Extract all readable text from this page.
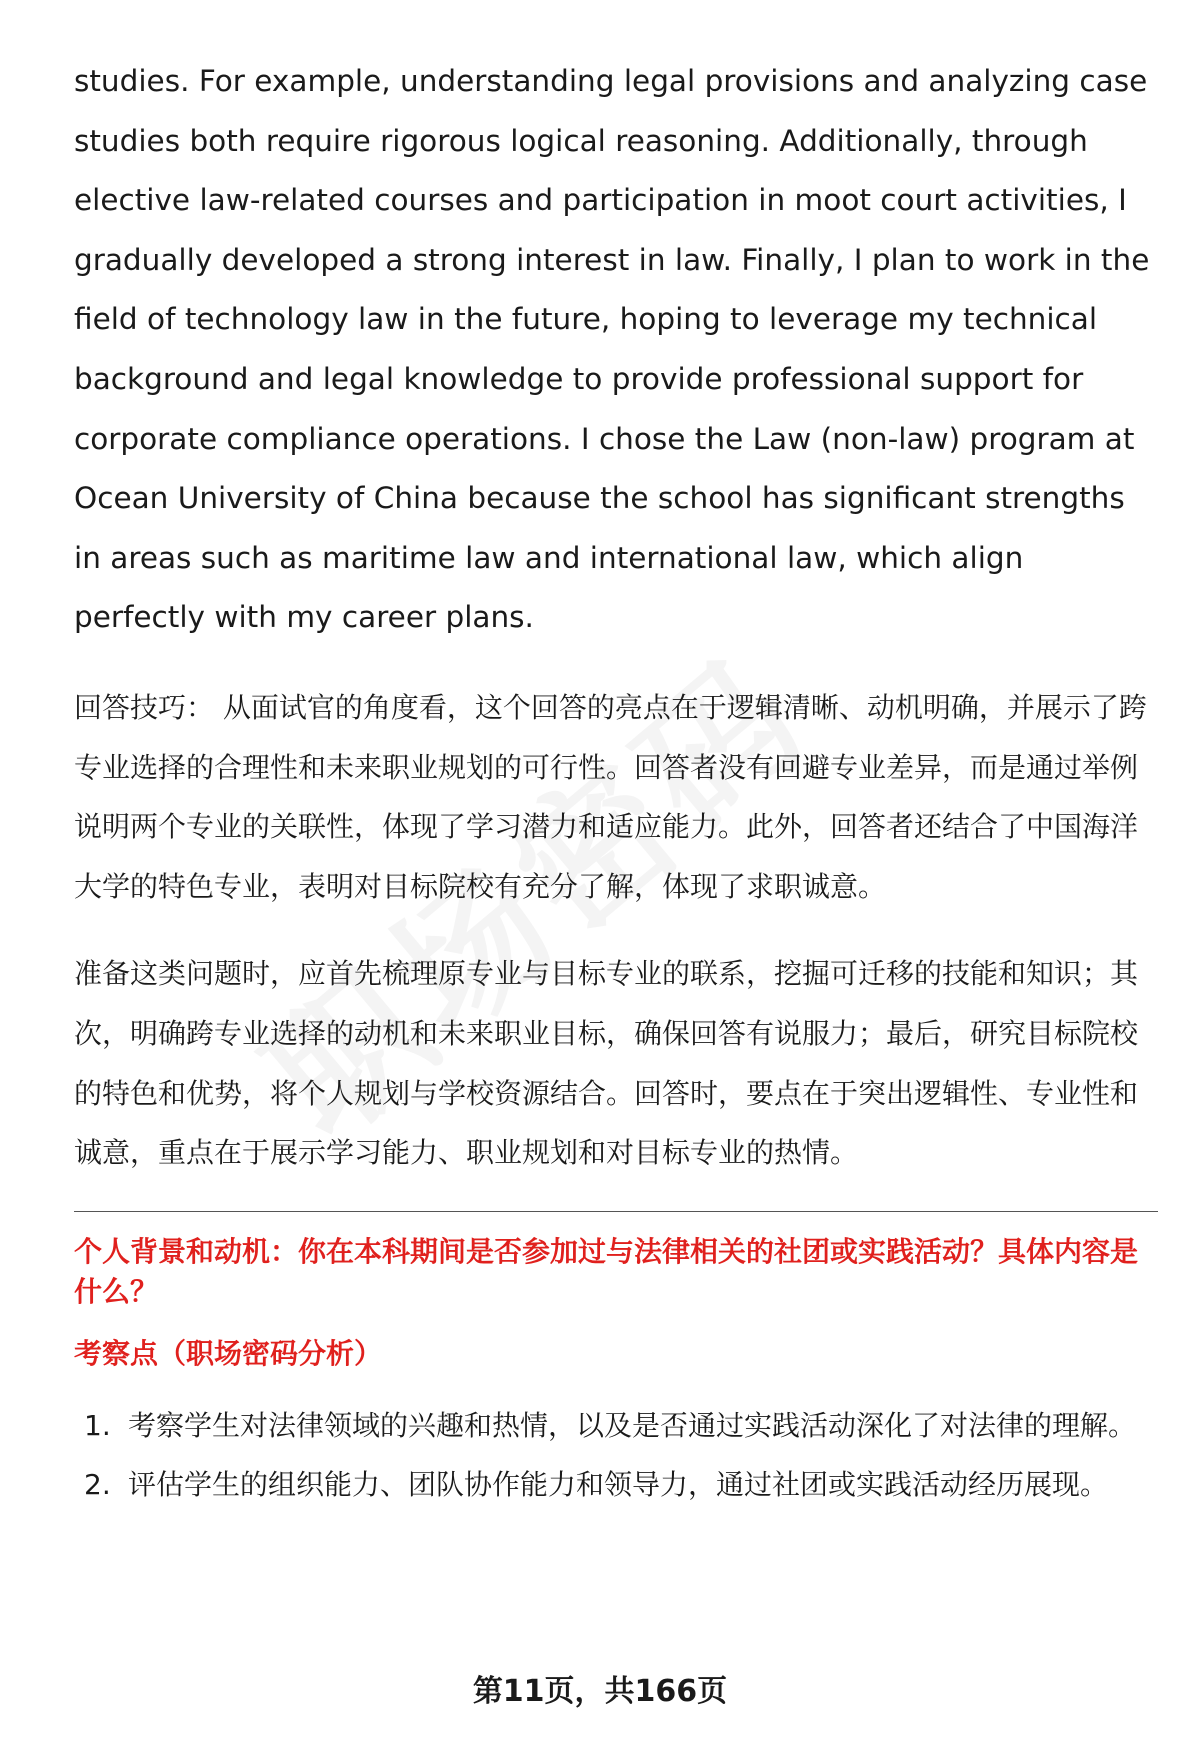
studies. For example, understanding legal provisions and analyzing case studies both require rigorous logical reasoning. Additionally, through elective law-related courses and participation in moot court activities, I gradually developed a strong interest in law. Finally, I plan to work in the field of technology law in the future, hoping to leverage my technical background and legal knowledge to provide professional support for corporate compliance operations. I chose the Law (non-law) program at Ocean University of China because the school has significant strengths in areas such as maritime law and international law, which align perfectly with my career plans.

回答技巧： 从面试官的角度看，这个回答的亮点在于逻辑清晰、动机明确，并展示了跨专业选择的合理性和未来职业规划的可行性。回答者没有回避专业差异，而是通过举例说明两个专业的关联性，体现了学习潜力和适应能力。此外，回答者还结合了中国海洋大学的特色专业，表明对目标院校有充分了解，体现了求职诚意。

准备这类问题时，应首先梳理原专业与目标专业的联系，挖掘可迁移的技能和知识；其次，明确跨专业选择的动机和未来职业目标，确保回答有说服力；最后，研究目标院校的特色和优势，将个人规划与学校资源结合。回答时，要点在于突出逻辑性、专业性和诚意，重点在于展示学习能力、职业规划和对目标专业的热情。

个人背景和动机：你在本科期间是否参加过与法律相关的社团或实践活动？具体内容是什么？
考察点（职场密码分析）
1. 考察学生对法律领域的兴趣和热情，以及是否通过实践活动深化了对法律的理解。
2. 评估学生的组织能力、团队协作能力和领导力，通过社团或实践活动经历展现。
第11页，共166页
